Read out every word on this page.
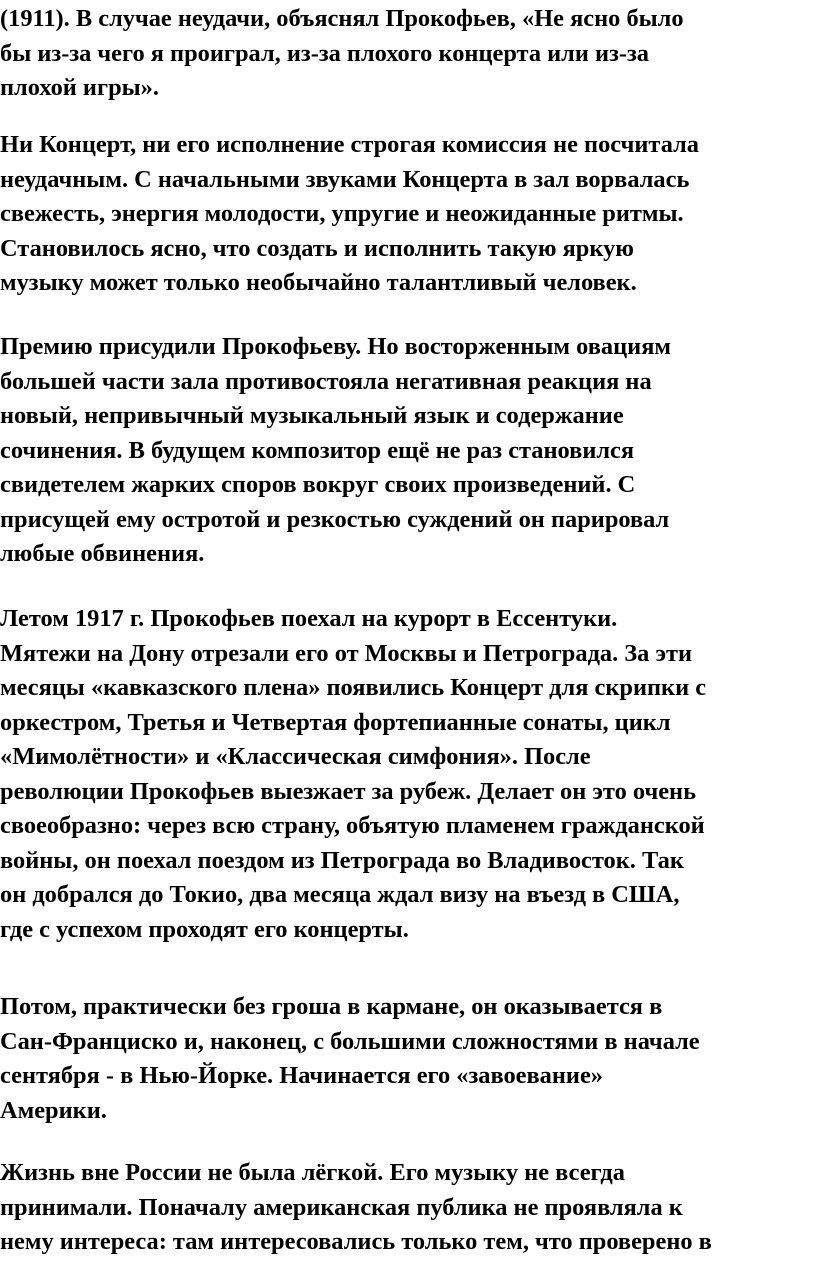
(1911). В случае неудачи, объяснял Прокофьев, «Не ясно было
бы из-за чего я проиграл, из-за плохого концерта или из-за
плохой игры».

Ни Концерт, ни его исполнение строгая комиссия не посчитала
неудачным. С начальными звуками Концерта в зал ворвалась
свежесть, энергия молодости, упругие и неожиданные ритмы.
Становилось ясно, что создать и исполнить такую яркую
музыку может только необычайно талантливый человек.

Премию присудили Прокофьеву. Но восторженным овациям
большей части зала противостояла негативная реакция на
новый, непривычный музыкальный язык и содержание
сочинения. В будущем композитор ещё не раз становился
свидетелем жарких споров вокруг своих произведений. С
присущей ему остротой и резкостью суждений он парировал
любые обвинения.

Летом 1917 г. Прокофьев поехал на курорт в Ессентуки.
Мятежи на Дону отрезали его от Москвы и Петрограда. За эти
месяцы «кавказского плена» появились Концерт для скрипки с
оркестром, Третья и Четвертая фортепианные сонаты, цикл
«Мимолётности» и «Классическая симфония». После
революции Прокофьев выезжает за рубеж. Делает он это очень
своеобразно: через всю страну, объятую пламенем гражданской
войны, он поехал поездом из Петрограда во Владивосток. Так
он добрался до Токио, два месяца ждал визу на въезд в США,
где с успехом проходят его концерты.

Потом, практически без гроша в кармане, он оказывается в
Сан-Франциско и, наконец, с большими сложностями в начале
сентября - в Нью-Йорке. Начинается его «завоевание»
Америки.

Жизнь вне России не была лёгкой. Его музыку не всегда
принимали. Поначалу американская публика не проявляла к
нему интереса: там интересовались только тем, что проверено в
